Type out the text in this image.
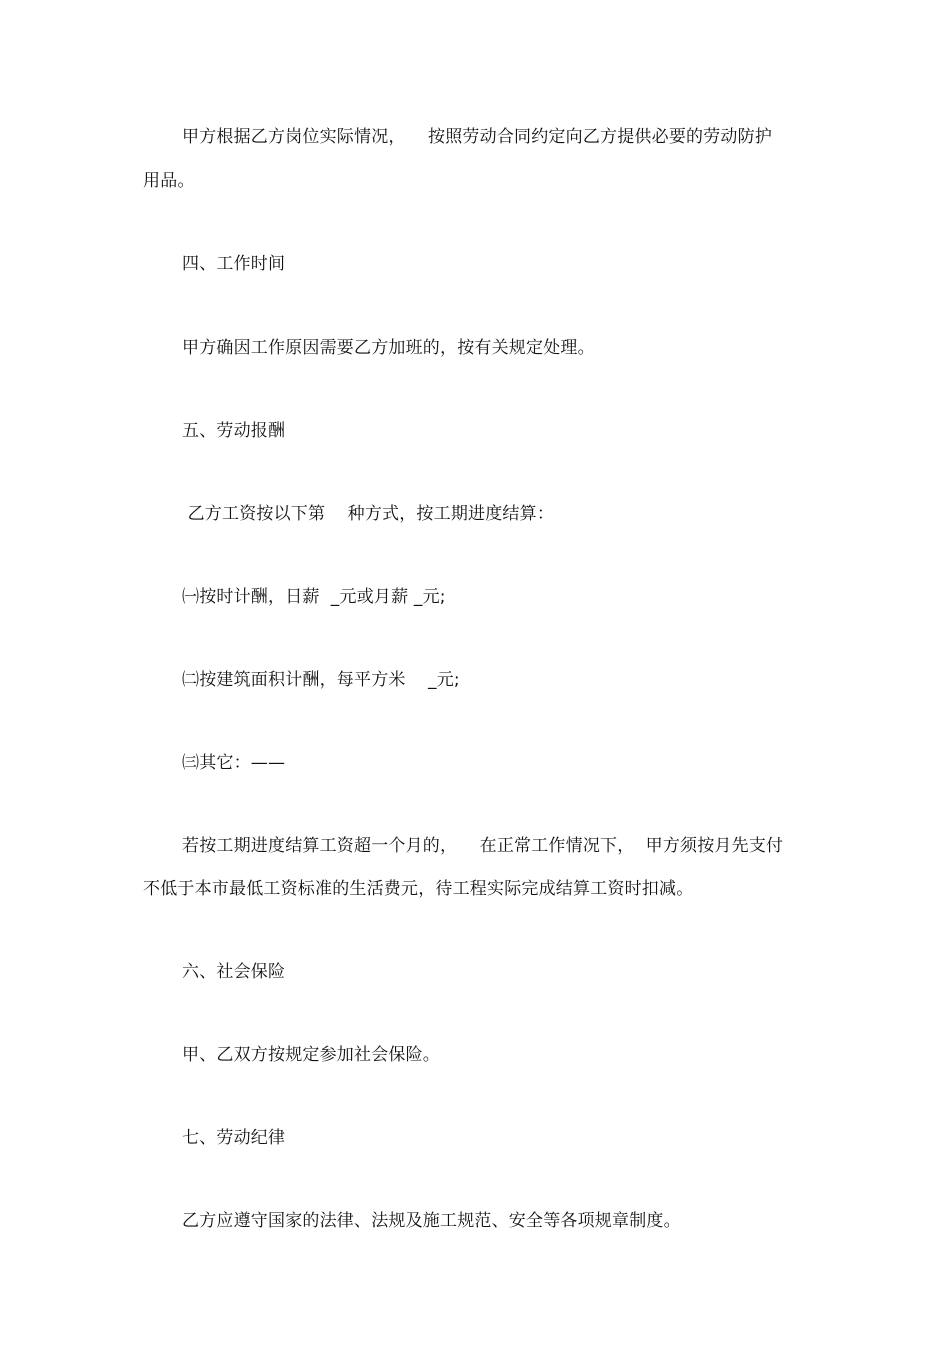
甲方根据乙方岗位实际情况，    按照劳动合同约定向乙方提供必要的劳动防护
用品。
四、工作时间
甲方确因工作原因需要乙方加班的，按有关规定处理。
五、劳动报酬
乙方工资按以下第    种方式，按工期进度结算：
㈠按时计酬，日薪  _元或月薪 _元;
㈡按建筑面积计酬，每平方米    _元;
㈢其它：——
若按工期进度结算工资超一个月的，    在正常工作情况下，  甲方须按月先支付
不低于本市最低工资标准的生活费元，待工程实际完成结算工资时扣减。
六、社会保险
甲、乙双方按规定参加社会保险。
七、劳动纪律
乙方应遵守国家的法律、法规及施工规范、安全等各项规章制度。
